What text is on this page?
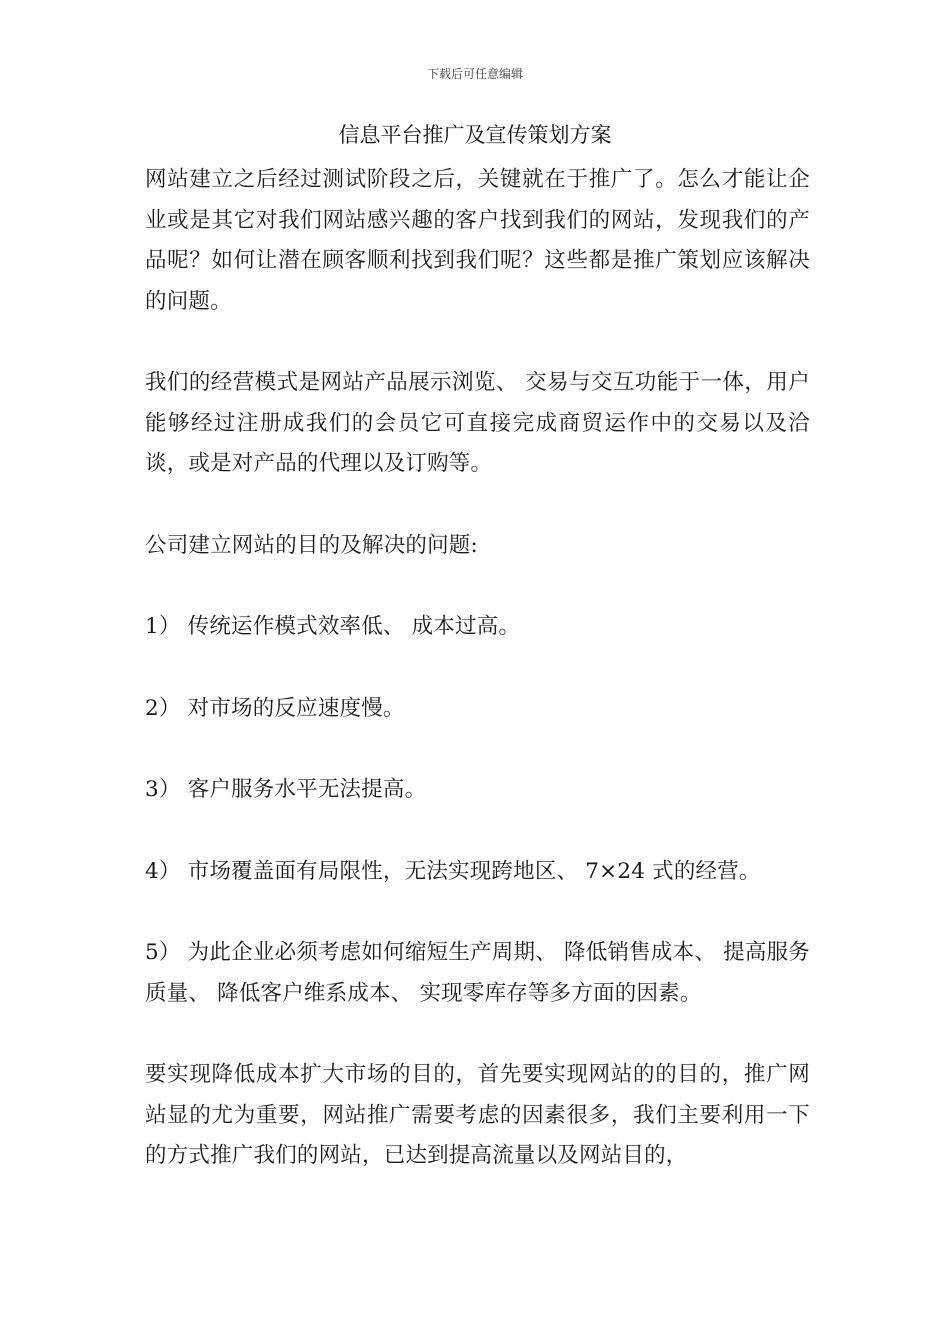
下载后可任意编辑
信息平台推广及宣传策划方案

网站建立之后经过测试阶段之后，关键就在于推广了。怎么才能让企业或是其它对我们网站感兴趣的客户找到我们的网站，发现我们的产品呢？如何让潜在顾客顺利找到我们呢？这些都是推广策划应该解决的问题。

我们的经营模式是网站产品展示浏览、 交易与交互功能于一体，用户能够经过注册成我们的会员它可直接完成商贸运作中的交易以及洽谈，或是对产品的代理以及订购等。

公司建立网站的目的及解决的问题:

1） 传统运作模式效率低、 成本过高。

2） 对市场的反应速度慢。

3） 客户服务水平无法提高。

4） 市场覆盖面有局限性，无法实现跨地区、 7×24 式的经营。

5） 为此企业必须考虑如何缩短生产周期、 降低销售成本、 提高服务质量、 降低客户维系成本、 实现零库存等多方面的因素。

要实现降低成本扩大市场的目的，首先要实现网站的的目的，推广网站显的尤为重要，网站推广需要考虑的因素很多，我们主要利用一下的方式推广我们的网站，已达到提高流量以及网站目的，
